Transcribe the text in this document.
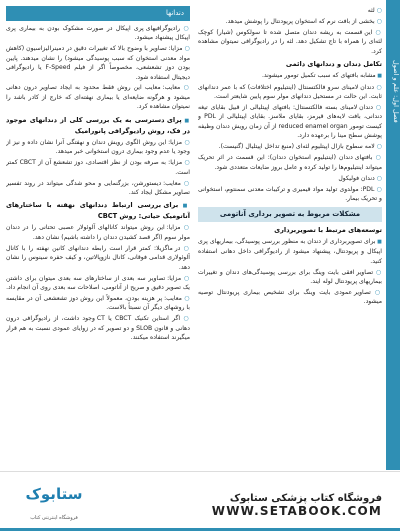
فصل اول: علم و اصول

○ لثه

○ بخشی از بافت نرم که استخوان پریودنتال را پوشش میدهد.

○ این قسمت به ریشه دندان متصل شده تا سولکوس (شیار) کوچک لثه‌ای را همراه با تاج تشکیل دهد. لثه را در رادیوگرافی نمیتوان مشاهده کرد.

تکامل دندان و دندانهای دائمی

■ مشابه بافتهای که سبب تکمیل تومور میشوند.

○ دندان لامینای سرو فالکتسنتال (اینتیلیوم اختلافات) که با عمر دندانهای ثابت. این حالت در مستحیل دندانهای مولر سوم پایین شایعتر است.

○ دندان لامینای بسته فالکتسنتال: بافتهای اپیتلیالی از قبیل بقایای تیغه دندانی، بافت لایه‌های قیرمز، بقایای ملاسز. بقایای اپیتلیالی از PDL و کیست تومور reduced enamel organ از آن زمان رویش دندان وظیفه پوشش سطح مینا را برعهده دارد.

○ لامه سطوح بازال اپیتلیوم لثه‌ای (منبع تداخل اپیتلیال (گنیست).

○ بافتهای دندان (اینتیلیوم استخوان دندان): این قسمت در اثر تحریک میتواند اینتیلیوم‌ها را تولید کرده و عامل بروز ضایعات متعددی شود.

○ دندان فولیکول

○ PDL: مولدوی تولید مواد قیمیری و ترکیبات معدنی سمنتوم، استخوانی و تحریک بیمار.

مشکلات مربوط به تصویر برداری آناتومی

توسعه‌های مرتبط با تصویربرداری

■ برای تصویربرداری از دندان به منظور بررسی پوسیدگی، بیماریهای پری اپیکال و پریودنتال، پیشنهاد میشود از رادیوگرافی داخل دهانی استفاده کنید.

○ تصاویر افقی بایت وینگ برای بررسی پوسیدگی‌های دندان و تغییرات بیماریهای پریودنتال لوله ایند.

○ تصاویر عمودی بایت وینگ برای تشخیص بیماری پریودنتال توصیه میشود.

دندانها

○ رادیوگرافیهای پری اپیکال در صورت مشکوک بودن به بیماری پری اپیکال پیشنهاد میشود.

○ مزایا: تصاویر با وضوح بالا که تغییرات دقیق در دمینرالیزاسیون (کاهش مواد معدنی استخوان که سبب پوسیدگی میشود) را نشان میدهند. پایین بودن دوز تشعشعی، مخصوصاً اگر از فیلم F-Speed یا رادیوگرافی دیجیتال استفاده شود.

○ معایب: معایب این روش فقط محدود به ایجاد تصاویر درون دهانی میشود و هرگونه ضایعه‌ای یا بیماری نهفته‌ای که خارج از کادر باشد را نمیتوان مشاهده کرد.

■ پرای دسترسی به یک بررسی کلی از دندانهای موجود در فک، روش رادیوگرافی پانورامیک

○ مزایا: این روش الگوی رویش دندان و نهفتگی آنرا نشان داده و نیز از وجود یا عدم وجود بیماری درون استخوانی خبر میدهد.

○ مزایا: به صرفه بودن از نظر اقتصادی، دوز تشعشع آن از CBCT کمتر است.

○ معایب: دیستورشن، بزرگنمایی و محو شدگی میتواند در روند تفسیر تصاویر مشکل ایجاد کند.

■ برای بررسی ارتباط دندانهای نهفته با ساختارهای آناتومیک حیاتی: روش CBCT

○ مزایا: این روش میتواند کانالهای آلوئولار عصبی تحتانی را در دندان مولر سوم (اگر قصد کشیدن دندان را داشته باشیم) نشان دهد.

○ در ماگزیلا: کمتر قرار است رابطه دندانهای کانین نهفته را با کانال آلوئولاری قدامی فوقانی، کانال نازوپالاتین، و کیف حفره سینوس را نشان دهد.

○ مزایا: تصاویر سه بعدی از ساختارهای سه بعدی میتوان برای داشتن یک تصویر دقیق و صریح از آناتومی، اصلاحات سه بعدی روی آن انجام داد.

○ معایب: پر هزینه بودن، معمولاً این روش دوز تشعشعی آن در مقایسه با روشهای دیگر آن نسبتاً بالاست.

○ اگر استاین تکنیک CBCT یا CT وجود داشت، از رادیوگرافی درون دهانی و قانون SLOB و دو تصویر که در زوایای عمودی نسبت به هم قرار میگیرند استفاده میکنند.

ستابوک
فروشگاه اینترنتی کتاب
فروشگاه کتاب پزشکی ستابوک
WWW.SETABOOK.COM
